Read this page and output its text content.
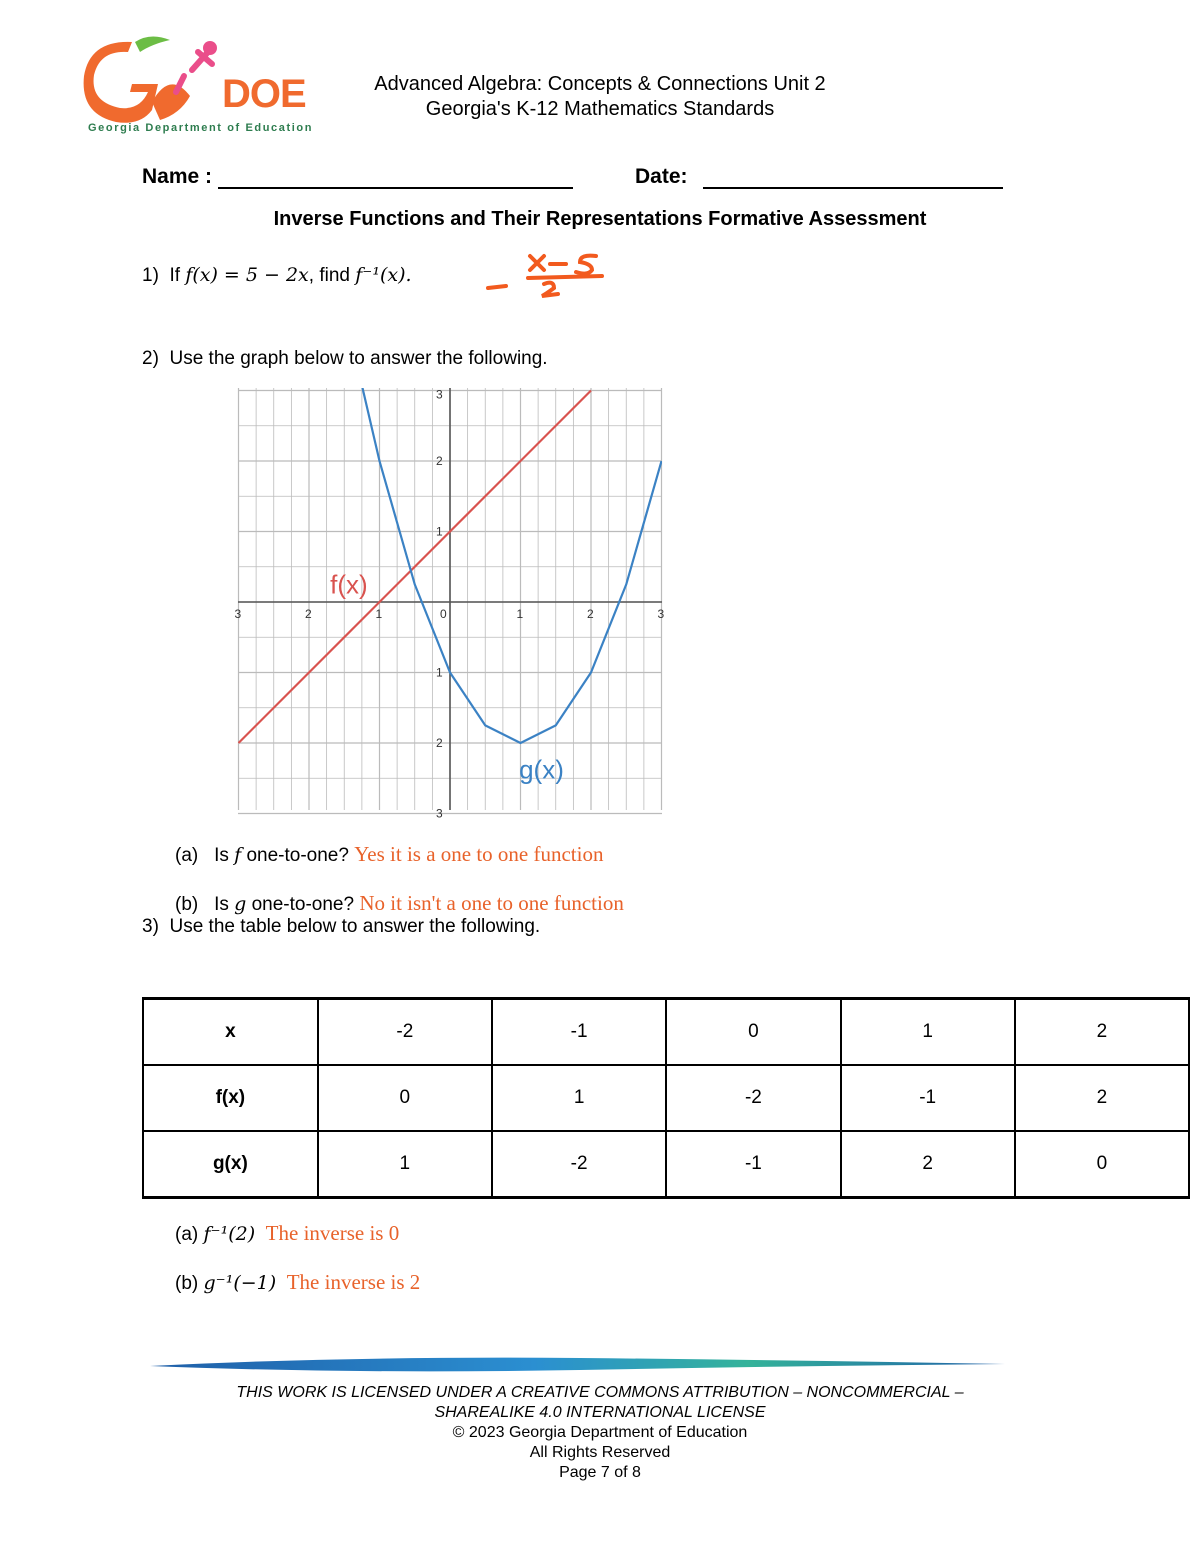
DOE
Georgia Department of Education
Advanced Algebra: Concepts & Connections Unit 2
Georgia's K-12 Mathematics Standards
Name :	Date:
Inverse Functions and Their Representations Formative Assessment
1) If f(x) = 5 − 2x, find f⁻¹(x).
2) Use the graph below to answer the following.
3	2	1	0	1	2	3
3
2
1
1
2
3
f(x)
g(x)
(a) Is f one-to-one? Yes it is a one to one function
(b) Is g one-to-one? No it isn't a one to one function
3) Use the table below to answer the following.
x	-2	-1	0	1	2
f(x)	0	1	-2	-1	2
g(x)	1	-2	-1	2	0
(a) f⁻¹(2) The inverse is 0
(b) g⁻¹(−1) The inverse is 2
THIS WORK IS LICENSED UNDER A CREATIVE COMMONS ATTRIBUTION – NONCOMMERCIAL –
SHAREALIKE 4.0 INTERNATIONAL LICENSE
© 2023 Georgia Department of Education
All Rights Reserved
Page 7 of 8
